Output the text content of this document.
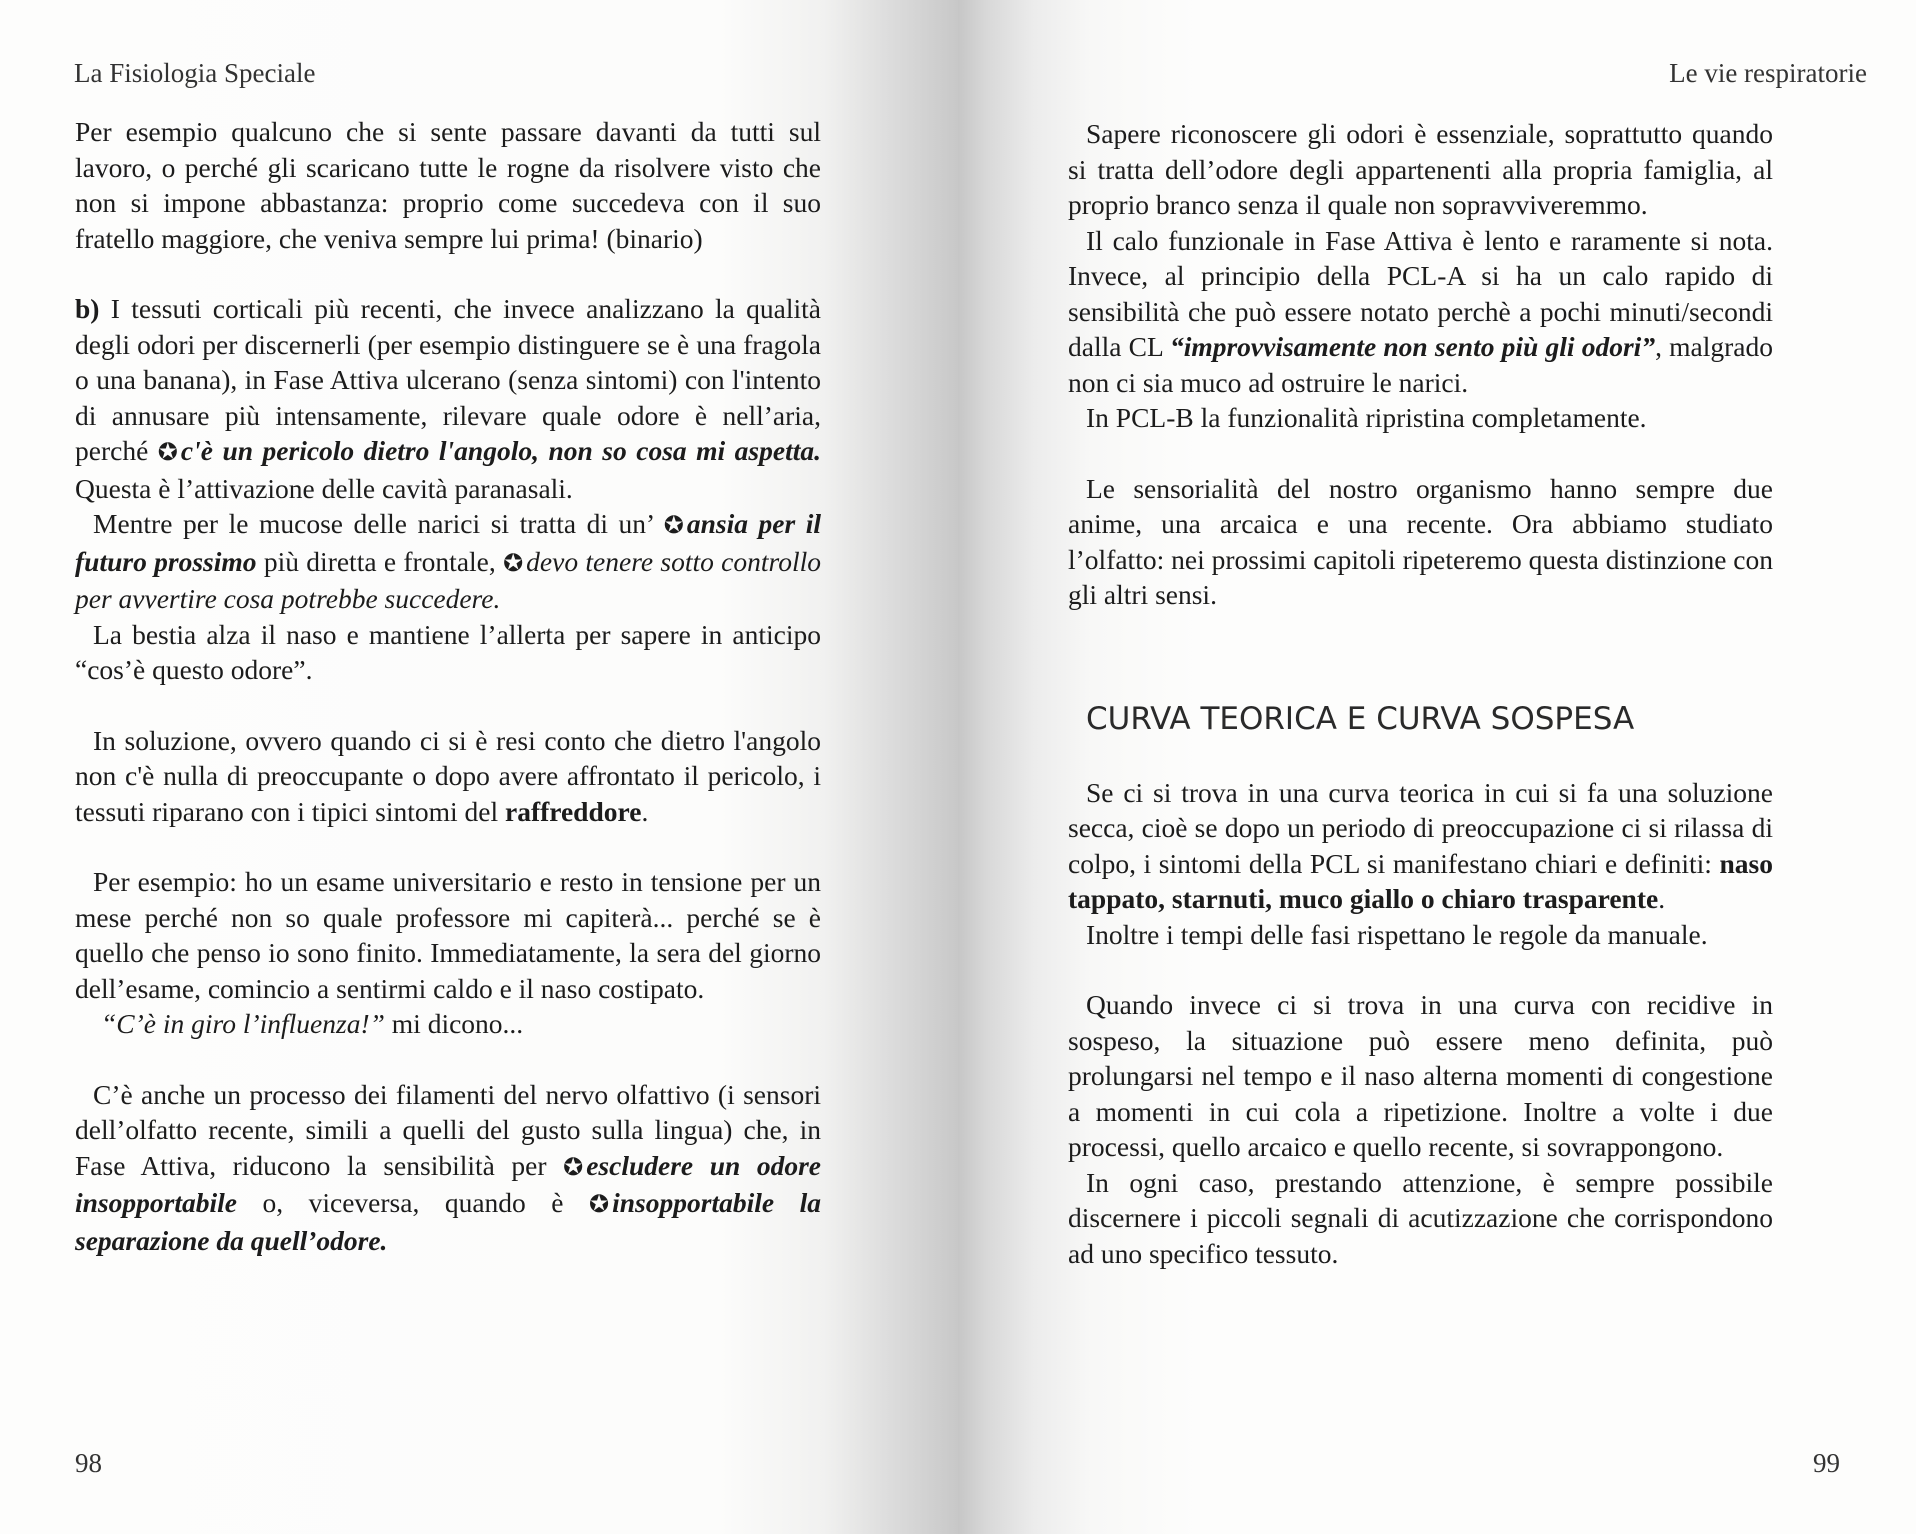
La Fisiologia Speciale

Per esempio qualcuno che si sente passare davanti da tutti sul lavoro, o perché gli scaricano tutte le rogne da risolvere visto che non si impone abbastanza: proprio come succedeva con il suo fratello maggiore, che veniva sempre lui prima! (binario)

b) I tessuti corticali più recenti, che invece analizzano la qualità degli odori per discernerli (per esempio distinguere se è una fragola o una banana), in Fase Attiva ulcerano (senza sintomi) con l'intento di annusare più intensamente, rilevare quale odore è nell’aria, perché ✪ c'è un pericolo dietro l'angolo, non so cosa mi aspetta. Questa è l’attivazione delle cavità paranasali.

Mentre per le mucose delle narici si tratta di un’ ✪ ansia per il futuro prossimo più diretta e frontale, ✪ devo tenere sotto controllo per avvertire cosa potrebbe succedere.

La bestia alza il naso e mantiene l’allerta per sapere in anticipo “cos’è questo odore”.

In soluzione, ovvero quando ci si è resi conto che dietro l'angolo non c'è nulla di preoccupante o dopo avere affrontato il pericolo, i tessuti riparano con i tipici sintomi del raffreddore.

Per esempio: ho un esame universitario e resto in tensione per un mese perché non so quale professore mi capiterà... perché se è quello che penso io sono finito. Immediatamente, la sera del giorno dell’esame, comincio a sentirmi caldo e il naso costipato.

“C’è in giro l’influenza!” mi dicono...

C’è anche un processo dei filamenti del nervo olfattivo (i sensori dell’olfatto recente, simili a quelli del gusto sulla lingua) che, in Fase Attiva, riducono la sensibilità per ✪ escludere un odore insopportabile o, viceversa, quando è ✪ insopportabile la separazione da quell’odore.

98
Le vie respiratorie

Sapere riconoscere gli odori è essenziale, soprattutto quando si tratta dell’odore degli appartenenti alla propria famiglia, al proprio branco senza il quale non sopravviveremmo.

Il calo funzionale in Fase Attiva è lento e raramente si nota. Invece, al principio della PCL-A si ha un calo rapido di sensibilità che può essere notato perchè a pochi minuti/secondi dalla CL “improvvisamente non sento più gli odori”, malgrado non ci sia muco ad ostruire le narici.

In PCL-B la funzionalità ripristina completamente.

Le sensorialità del nostro organismo hanno sempre due anime, una arcaica e una recente. Ora abbiamo studiato l’olfatto: nei prossimi capitoli ripeteremo questa distinzione con gli altri sensi.

CURVA TEORICA E CURVA SOSPESA

Se ci si trova in una curva teorica in cui si fa una soluzione secca, cioè se dopo un periodo di preoccupazione ci si rilassa di colpo, i sintomi della PCL si manifestano chiari e definiti: naso tappato, starnuti, muco giallo o chiaro trasparente.

Inoltre i tempi delle fasi rispettano le regole da manuale.

Quando invece ci si trova in una curva con recidive in sospeso, la situazione può essere meno definita, può prolungarsi nel tempo e il naso alterna momenti di congestione a momenti in cui cola a ripetizione. Inoltre a volte i due processi, quello arcaico e quello recente, si sovrappongono.

In ogni caso, prestando attenzione, è sempre possibile discernere i piccoli segnali di acutizzazione che corrispondono ad uno specifico tessuto.

99
